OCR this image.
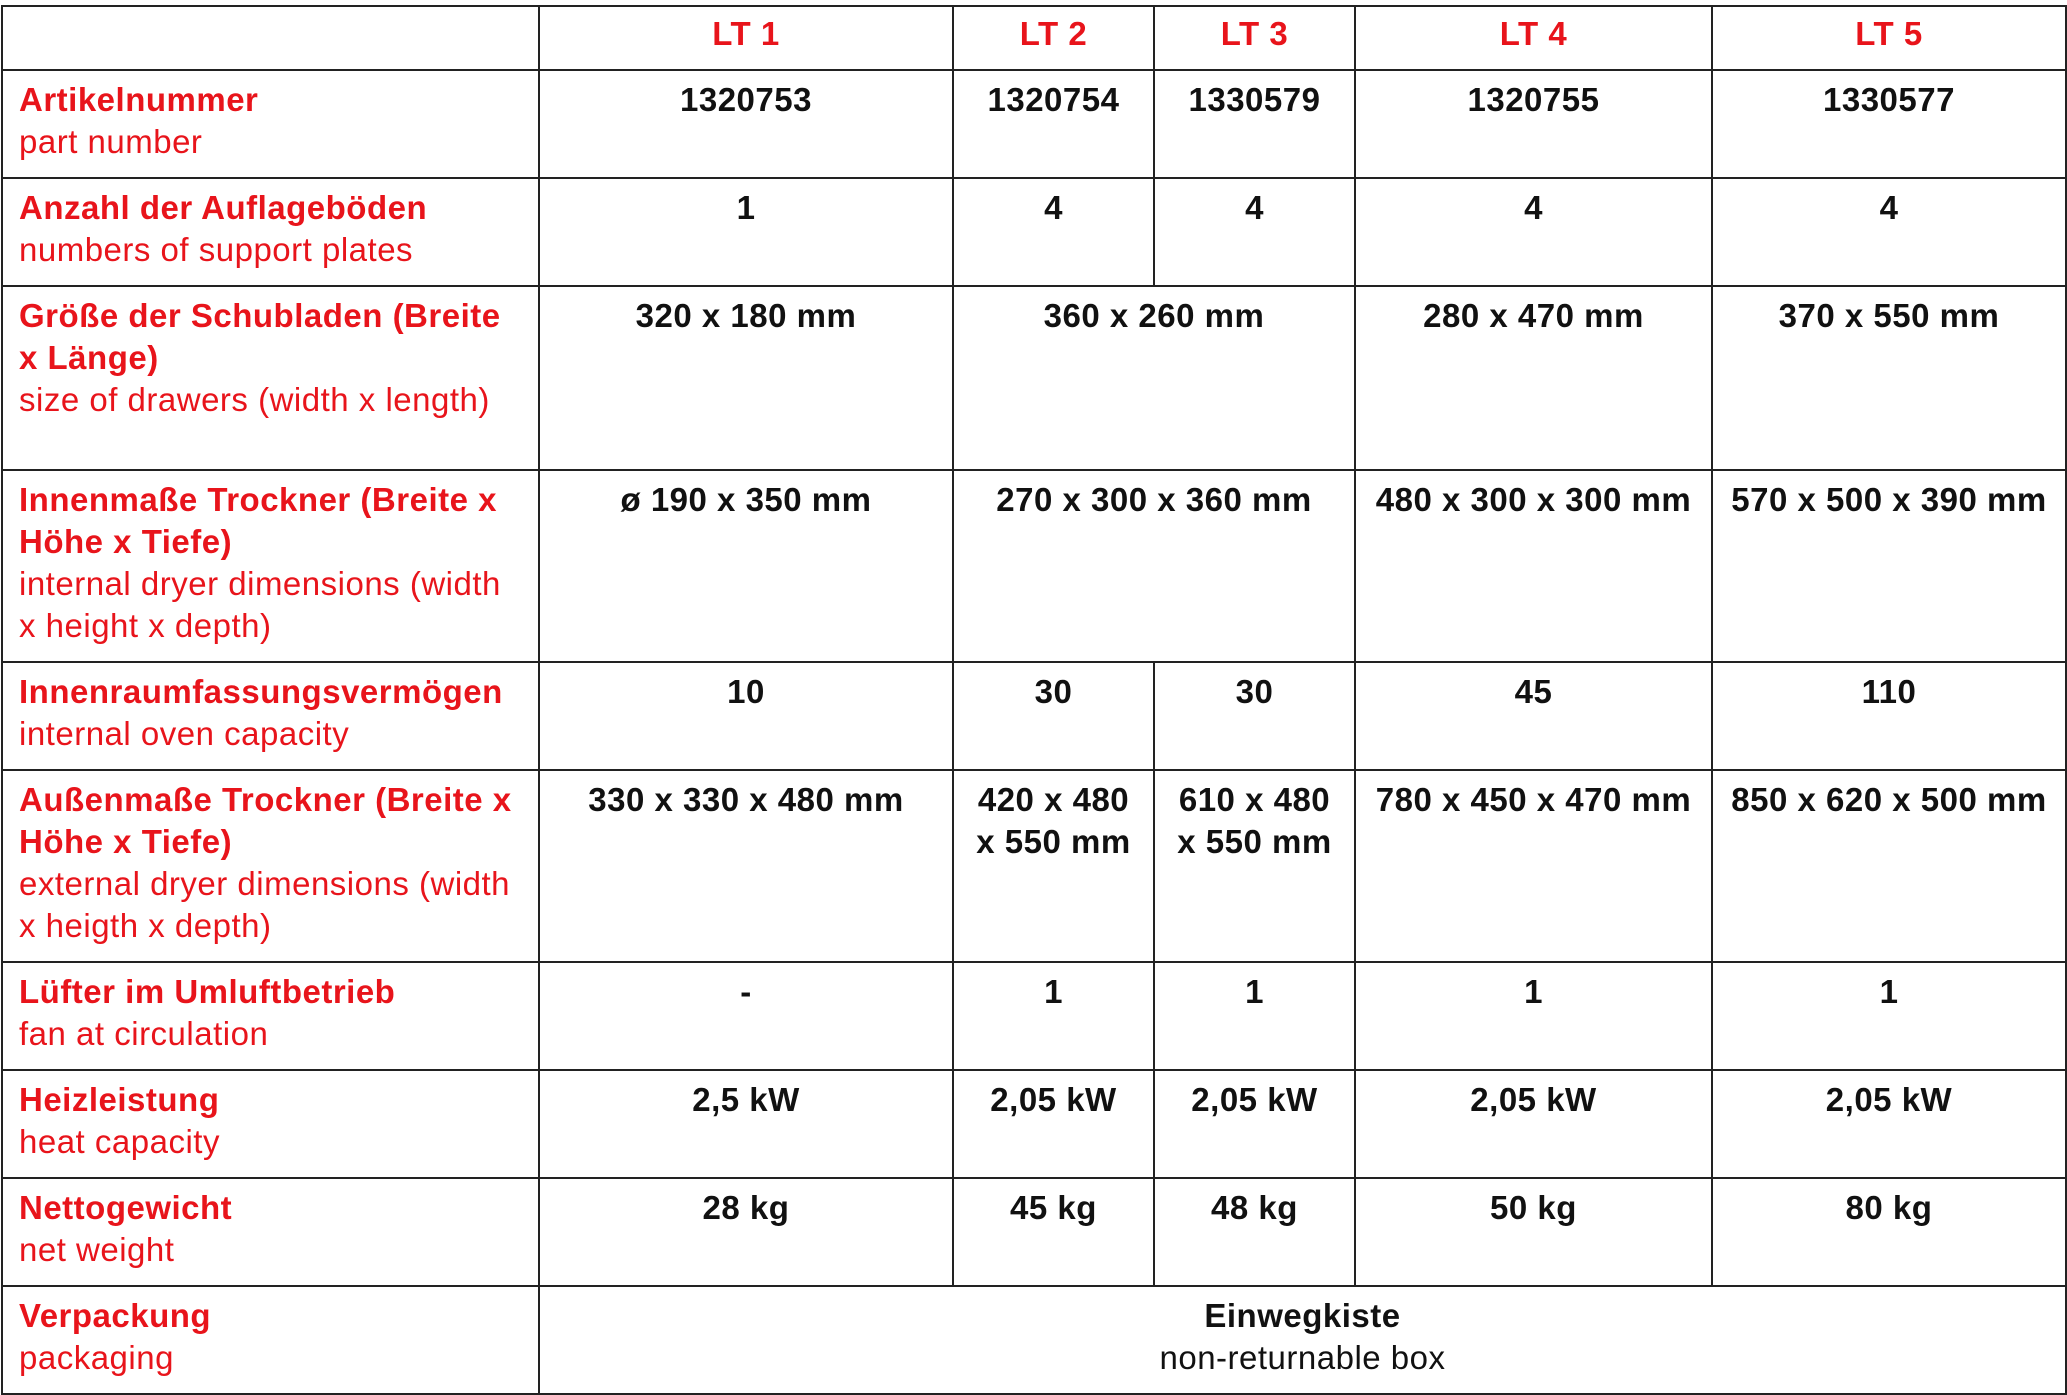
	LT 1	LT 2	LT 3	LT 4	LT 5

Artikelnummer
part number	1320753	1320754	1330579	1320755	1330577

Anzahl der Auflageböden
numbers of support plates	1	4	4	4	4

Größe der Schubladen (Breite x Länge)
size of drawers (width x length)	320 x 180 mm	360 x 260 mm		280 x 470 mm	370 x 550 mm

Innenmaße Trockner (Breite x Höhe x Tiefe)
internal dryer dimensions (width x height x depth)	ø 190 x 350 mm	270 x 300 x 360 mm		480 x 300 x 300 mm	570 x 500 x 390 mm

Innenraumfassungsvermögen
internal oven capacity	10	30	30	45	110

Außenmaße Trockner (Breite x Höhe x Tiefe)
external dryer dimensions (width x heigth x depth)	330 x 330 x 480 mm	420 x 480 x 550 mm	610 x 480 x 550 mm	780 x 450 x 470 mm	850 x 620 x 500 mm

Lüfter im Umluftbetrieb
fan at circulation	-	1	1	1	1

Heizleistung
heat capacity	2,5 kW	2,05 kW	2,05 kW	2,05 kW	2,05 kW

Nettogewicht
net weight	28 kg	45 kg	48 kg	50 kg	80 kg

Verpackung
packaging	Einwegkiste
non-returnable box				
